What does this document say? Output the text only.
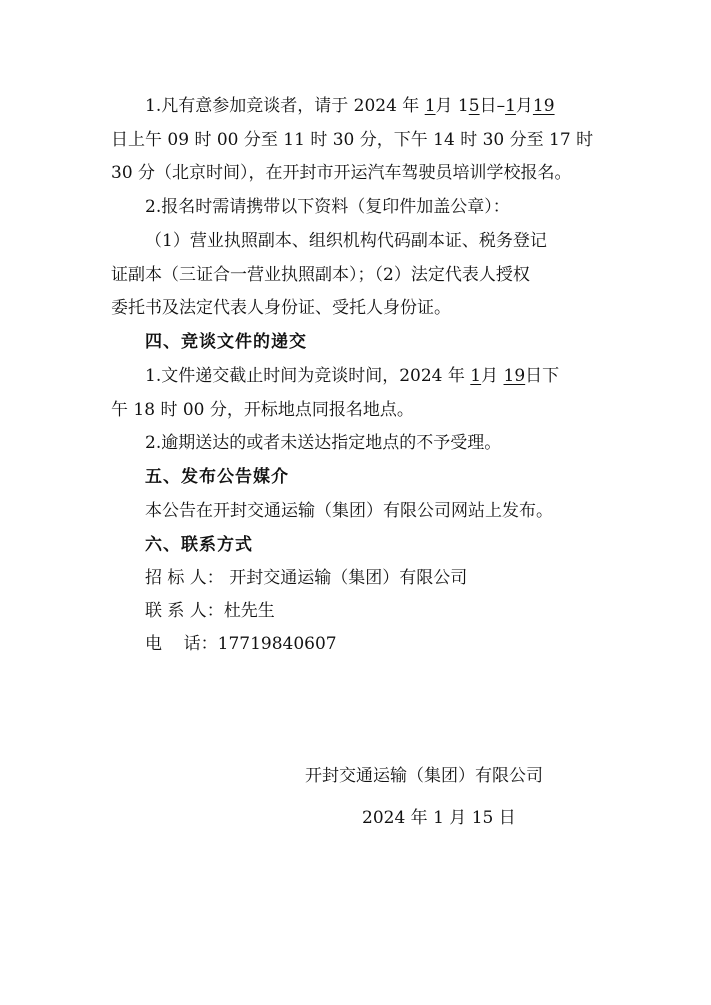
1.凡有意参加竞谈者，请于 2024 年 1月 15日–1月19
日上午 09 时 00 分至 11 时 30 分，下午 14 时 30 分至 17 时
30 分（北京时间），在开封市开运汽车驾驶员培训学校报名。
2.报名时需请携带以下资料（复印件加盖公章）：
（1）营业执照副本、组织机构代码副本证、税务登记
证副本（三证合一营业执照副本）；（2）法定代表人授权
委托书及法定代表人身份证、受托人身份证。
四、竞谈文件的递交
1.文件递交截止时间为竞谈时间，2024 年 1月 19日下
午 18 时 00 分，开标地点同报名地点。
2.逾期送达的或者未送达指定地点的不予受理。
五、发布公告媒介
本公告在开封交通运输（集团）有限公司网站上发布。
六、联系方式
招 标 人： 开封交通运输（集团）有限公司
联 系 人：杜先生
电    话：17719840607
开封交通运输（集团）有限公司
2024 年 1 月 15 日
